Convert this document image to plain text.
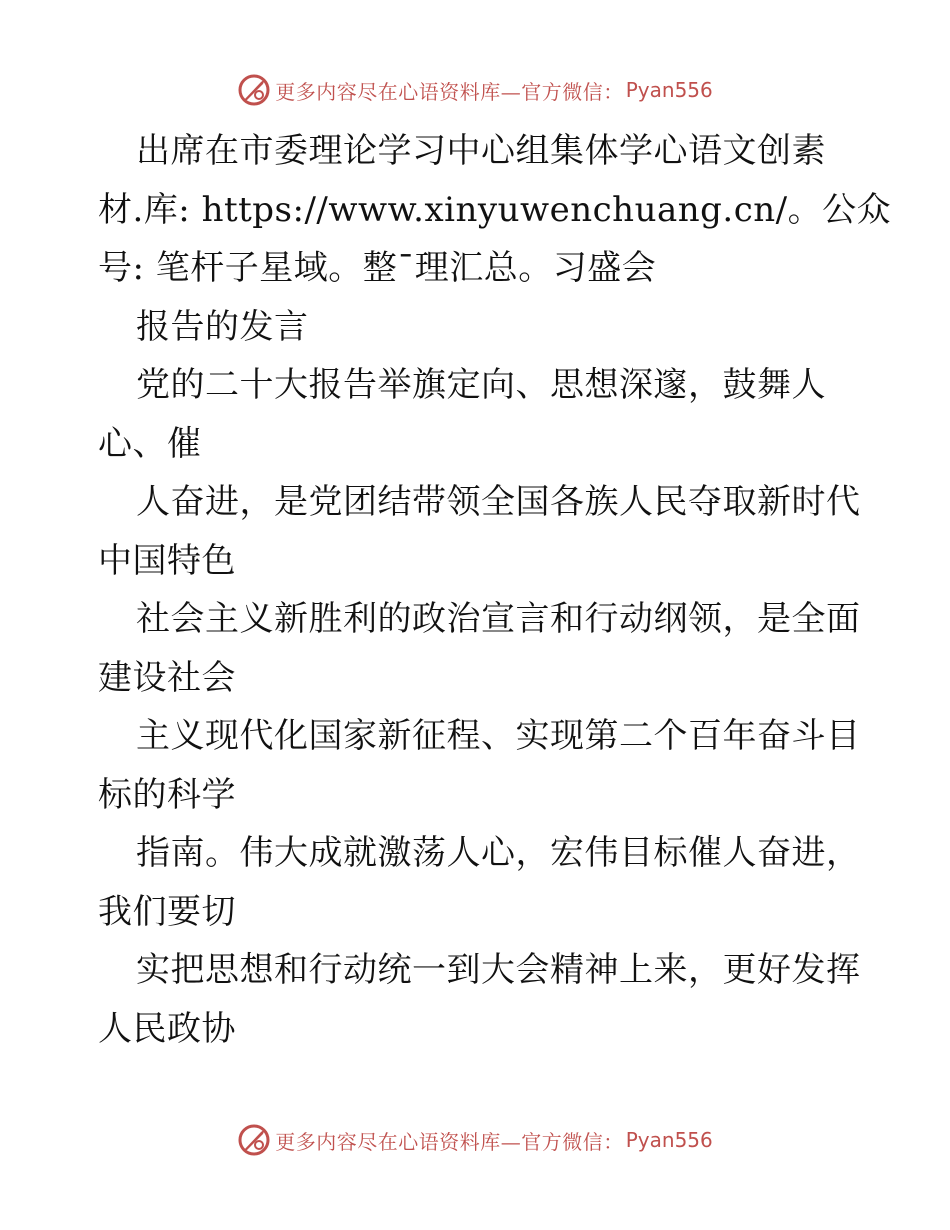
更多内容尽在心语资料库—官方微信： Pyan556
出席在市委理论学习中心组集体学心语文创素
材.库: https://www.xinyuwenchuang.cn/。公众
号: 笔杆子星域。整¯理汇总。习盛会
报告的发言
党的二十大报告举旗定向、思想深邃，鼓舞人
心、催
人奋进，是党团结带领全国各族人民夺取新时代
中国特色
社会主义新胜利的政治宣言和行动纲领，是全面
建设社会
主义现代化国家新征程、实现第二个百年奋斗目
标的科学
指南。伟大成就激荡人心，宏伟目标催人奋进，
我们要切
实把思想和行动统一到大会精神上来，更好发挥
人民政协
更多内容尽在心语资料库—官方微信： Pyan556
